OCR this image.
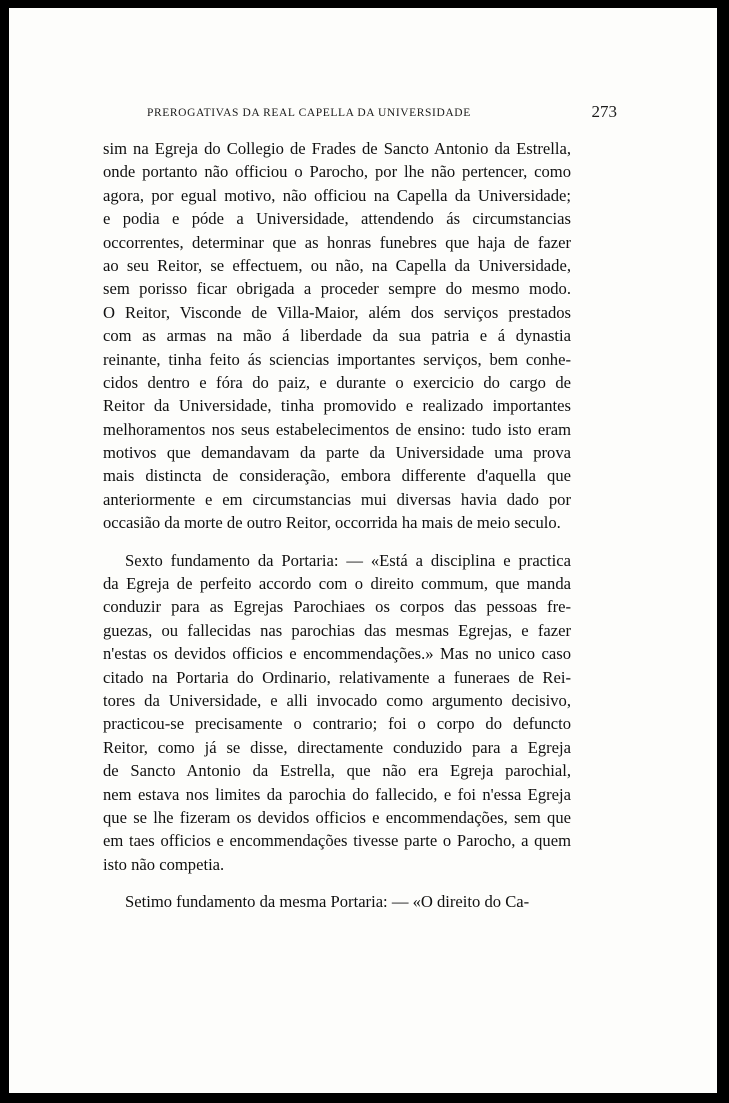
PREROGATIVAS DA REAL CAPELLA DA UNIVERSIDADE	273
sim na Egreja do Collegio de Frades de Sancto Antonio da Estrella,
onde portanto não officiou o Parocho, por lhe não pertencer, como
agora, por egual motivo, não officiou na Capella da Universidade;
e podia e póde a Universidade, attendendo ás circumstancias
occorrentes, determinar que as honras funebres que haja de fazer
ao seu Reitor, se effectuem, ou não, na Capella da Universidade,
sem porisso ficar obrigada a proceder sempre do mesmo modo.
O Reitor, Visconde de Villa-Maior, além dos serviços prestados
com as armas na mão á liberdade da sua patria e á dynastia
reinante, tinha feito ás sciencias importantes serviços, bem conhe-
cidos dentro e fóra do paiz, e durante o exercicio do cargo de
Reitor da Universidade, tinha promovido e realizado importantes
melhoramentos nos seus estabelecimentos de ensino: tudo isto eram
motivos que demandavam da parte da Universidade uma prova
mais distincta de consideração, embora differente d'aquella que
anteriormente e em circumstancias mui diversas havia dado por
occasião da morte de outro Reitor, occorrida ha mais de meio seculo.
Sexto fundamento da Portaria: — «Está a disciplina e practica
da Egreja de perfeito accordo com o direito commum, que manda
conduzir para as Egrejas Parochiaes os corpos das pessoas fre-
guezas, ou fallecidas nas parochias das mesmas Egrejas, e fazer
n'estas os devidos officios e encommendações.» Mas no unico caso
citado na Portaria do Ordinario, relativamente a funeraes de Rei-
tores da Universidade, e alli invocado como argumento decisivo,
practicou-se precisamente o contrario; foi o corpo do defuncto
Reitor, como já se disse, directamente conduzido para a Egreja
de Sancto Antonio da Estrella, que não era Egreja parochial,
nem estava nos limites da parochia do fallecido, e foi n'essa Egreja
que se lhe fizeram os devidos officios e encommendações, sem que
em taes officios e encommendações tivesse parte o Parocho, a quem
isto não competia.
Setimo fundamento da mesma Portaria: — «O direito do Ca-
